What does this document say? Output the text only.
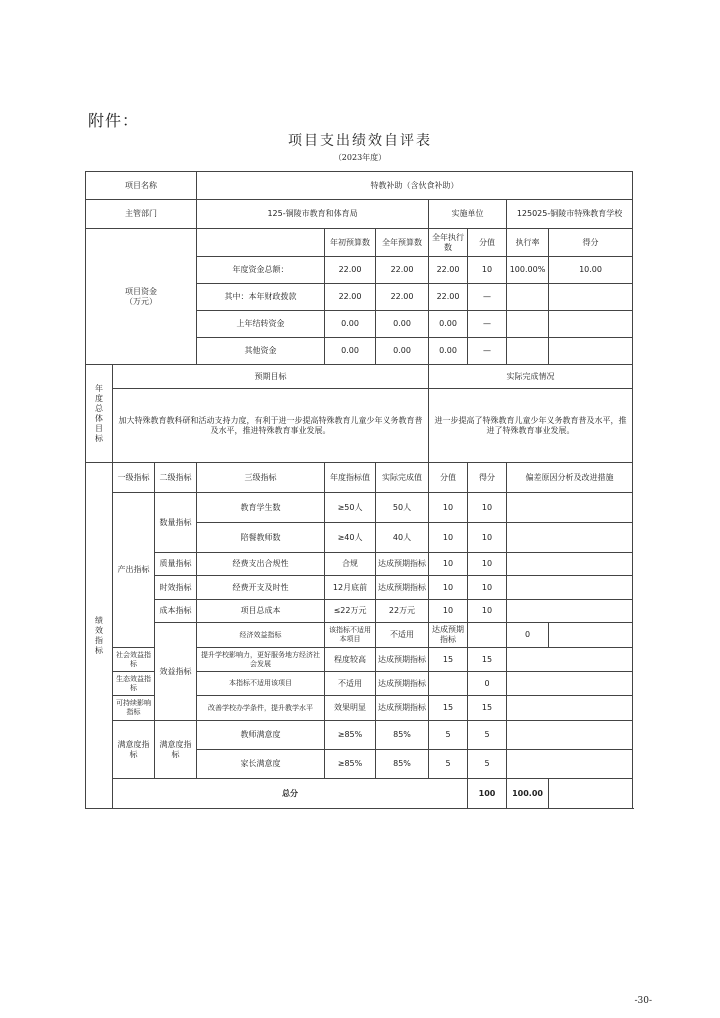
附件：
项目支出绩效自评表
（2023年度）
项目名称			特教补助（含伙食补助）						
主管部门			125-铜陵市教育和体育局			实施单位		125025-铜陵市特殊教育学校	
项目资金
（万元）				年初预算数	全年预算数	全年执行数	分值	执行率	得分
			年度资金总额：	22.00	22.00	22.00	10	100.00%	10.00
			其中：本年财政拨款	22.00	22.00	22.00	—		
			上年结转资金	0.00	0.00	0.00	—		
			其他资金	0.00	0.00	0.00	—		
年度总体目标	预期目标					实际完成情况			
	加大特殊教育教科研和活动支持力度，有利于进一步提高特殊教育儿童少年义务教育普及水平，推进特殊教育事业发展。					进一步提高了特殊教育儿童少年义务教育普及水平，推进了特殊教育事业发展。			
绩效指标	一级指标	二级指标	三级指标	年度指标值	实际完成值	分值	得分	偏差原因分析及改进措施	
	产出指标	数量指标	教育学生数	≥50人	50人	10	10		
			陪餐教师数	≥40人	40人	10	10		
		质量指标	经费支出合规性	合规	达成预期指标	10	10		
		时效指标	经费开支及时性	12月底前	达成预期指标	10	10		
		成本指标	项目总成本	≤22万元	22万元	10	10		
		效益指标	经济效益指标	该指标不适用本项目	不适用	达成预期指标		0	
	社会效益指标		提升学校影响力，更好服务地方经济社会发展	程度较高	达成预期指标	15	15		
	生态效益指标		本指标不适用该项目	不适用	达成预期指标		0		
	可持续影响指标		改善学校办学条件，提升教学水平	效果明显	达成预期指标	15	15		
	满意度指标	满意度指标	教师满意度	≥85%	85%	5	5		
			家长满意度	≥85%	85%	5	5		
	总分						100	100.00	
-30-
